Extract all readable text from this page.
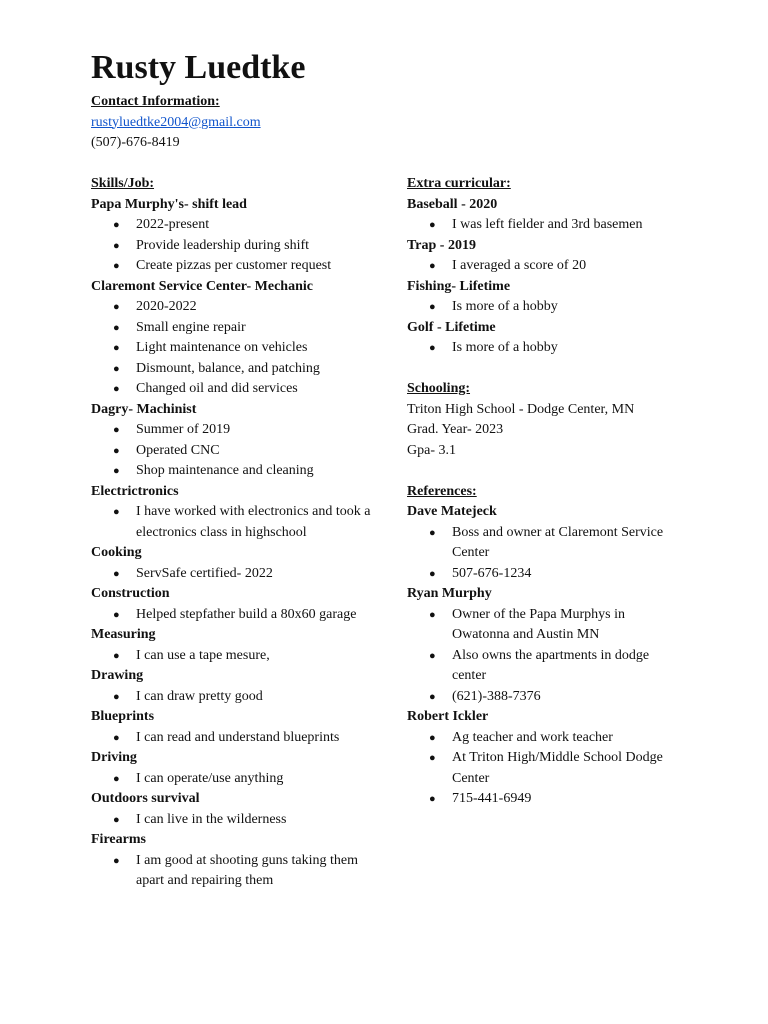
Rusty Luedtke
Contact Information:
rustyluedtke2004@gmail.com
(507)-676-8419
Skills/Job:
Papa Murphy's- shift lead
● 2022-present
● Provide leadership during shift
● Create pizzas per customer request
Claremont Service Center- Mechanic
● 2020-2022
● Small engine repair
● Light maintenance on vehicles
● Dismount, balance, and patching
● Changed oil and did services
Dagry- Machinist
● Summer of 2019
● Operated CNC
● Shop maintenance and cleaning
Electrictronics
● I have worked with electronics and took a electronics class in highschool
Cooking
● ServSafe certified- 2022
Construction
● Helped stepfather build a 80x60 garage
Measuring
● I can use a tape mesure,
Drawing
● I can draw pretty good
Blueprints
● I can read and understand blueprints
Driving
● I can operate/use anything
Outdoors survival
● I can live in the wilderness
Firearms
● I am good at shooting guns taking them apart and repairing them
Extra curricular:
Baseball - 2020
● I was left fielder and 3rd basemen
Trap - 2019
● I averaged a score of 20
Fishing- Lifetime
● Is more of a hobby
Golf - Lifetime
● Is more of a hobby
Schooling:
Triton High School - Dodge Center, MN
Grad. Year- 2023
Gpa- 3.1
References:
Dave Matejeck
● Boss and owner at Claremont Service Center
● 507-676-1234
Ryan Murphy
● Owner of the Papa Murphys in Owatonna and Austin MN
● Also owns the apartments in dodge center
● (621)-388-7376
Robert Ickler
● Ag teacher and work teacher
● At Triton High/Middle School Dodge Center
● 715-441-6949
